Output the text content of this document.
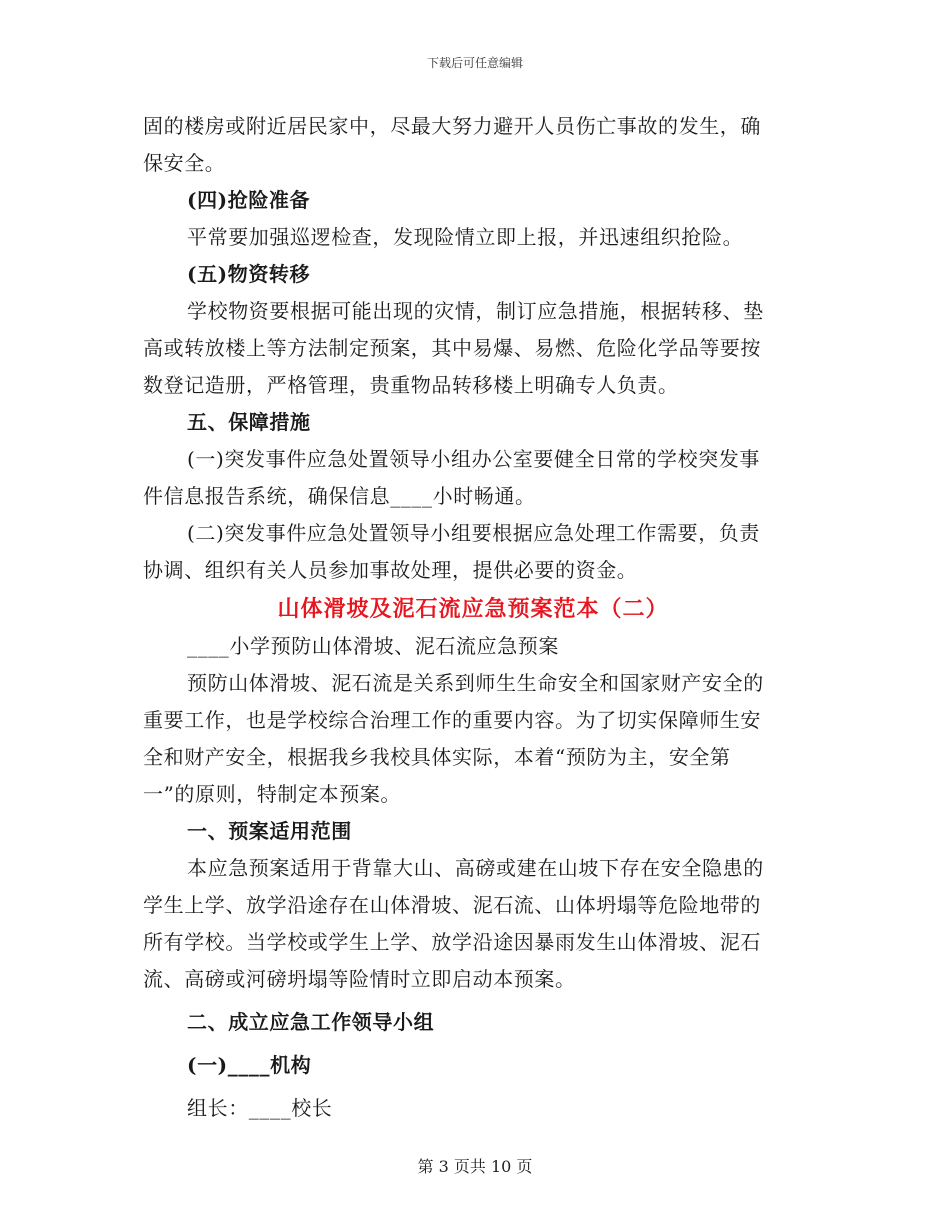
下载后可任意编辑
固的楼房或附近居民家中，尽最大努力避开人员伤亡事故的发生，确
保安全。
(四)抢险准备
平常要加强巡逻检查，发现险情立即上报，并迅速组织抢险。
(五)物资转移
学校物资要根据可能出现的灾情，制订应急措施，根据转移、垫
高或转放楼上等方法制定预案，其中易爆、易燃、危险化学品等要按
数登记造册，严格管理，贵重物品转移楼上明确专人负责。
五、保障措施
(一)突发事件应急处置领导小组办公室要健全日常的学校突发事
件信息报告系统，确保信息____小时畅通。
(二)突发事件应急处置领导小组要根据应急处理工作需要，负责
协调、组织有关人员参加事故处理，提供必要的资金。
山体滑坡及泥石流应急预案范本（二）
____小学预防山体滑坡、泥石流应急预案
预防山体滑坡、泥石流是关系到师生生命安全和国家财产安全的
重要工作，也是学校综合治理工作的重要内容。为了切实保障师生安
全和财产安全，根据我乡我校具体实际，本着“预防为主，安全第
一”的原则，特制定本预案。
一、预案适用范围
本应急预案适用于背靠大山、高磅或建在山坡下存在安全隐患的
学生上学、放学沿途存在山体滑坡、泥石流、山体坍塌等危险地带的
所有学校。当学校或学生上学、放学沿途因暴雨发生山体滑坡、泥石
流、高磅或河磅坍塌等险情时立即启动本预案。
二、成立应急工作领导小组
(一)____机构
组长：____校长
第 3 页共 10 页
